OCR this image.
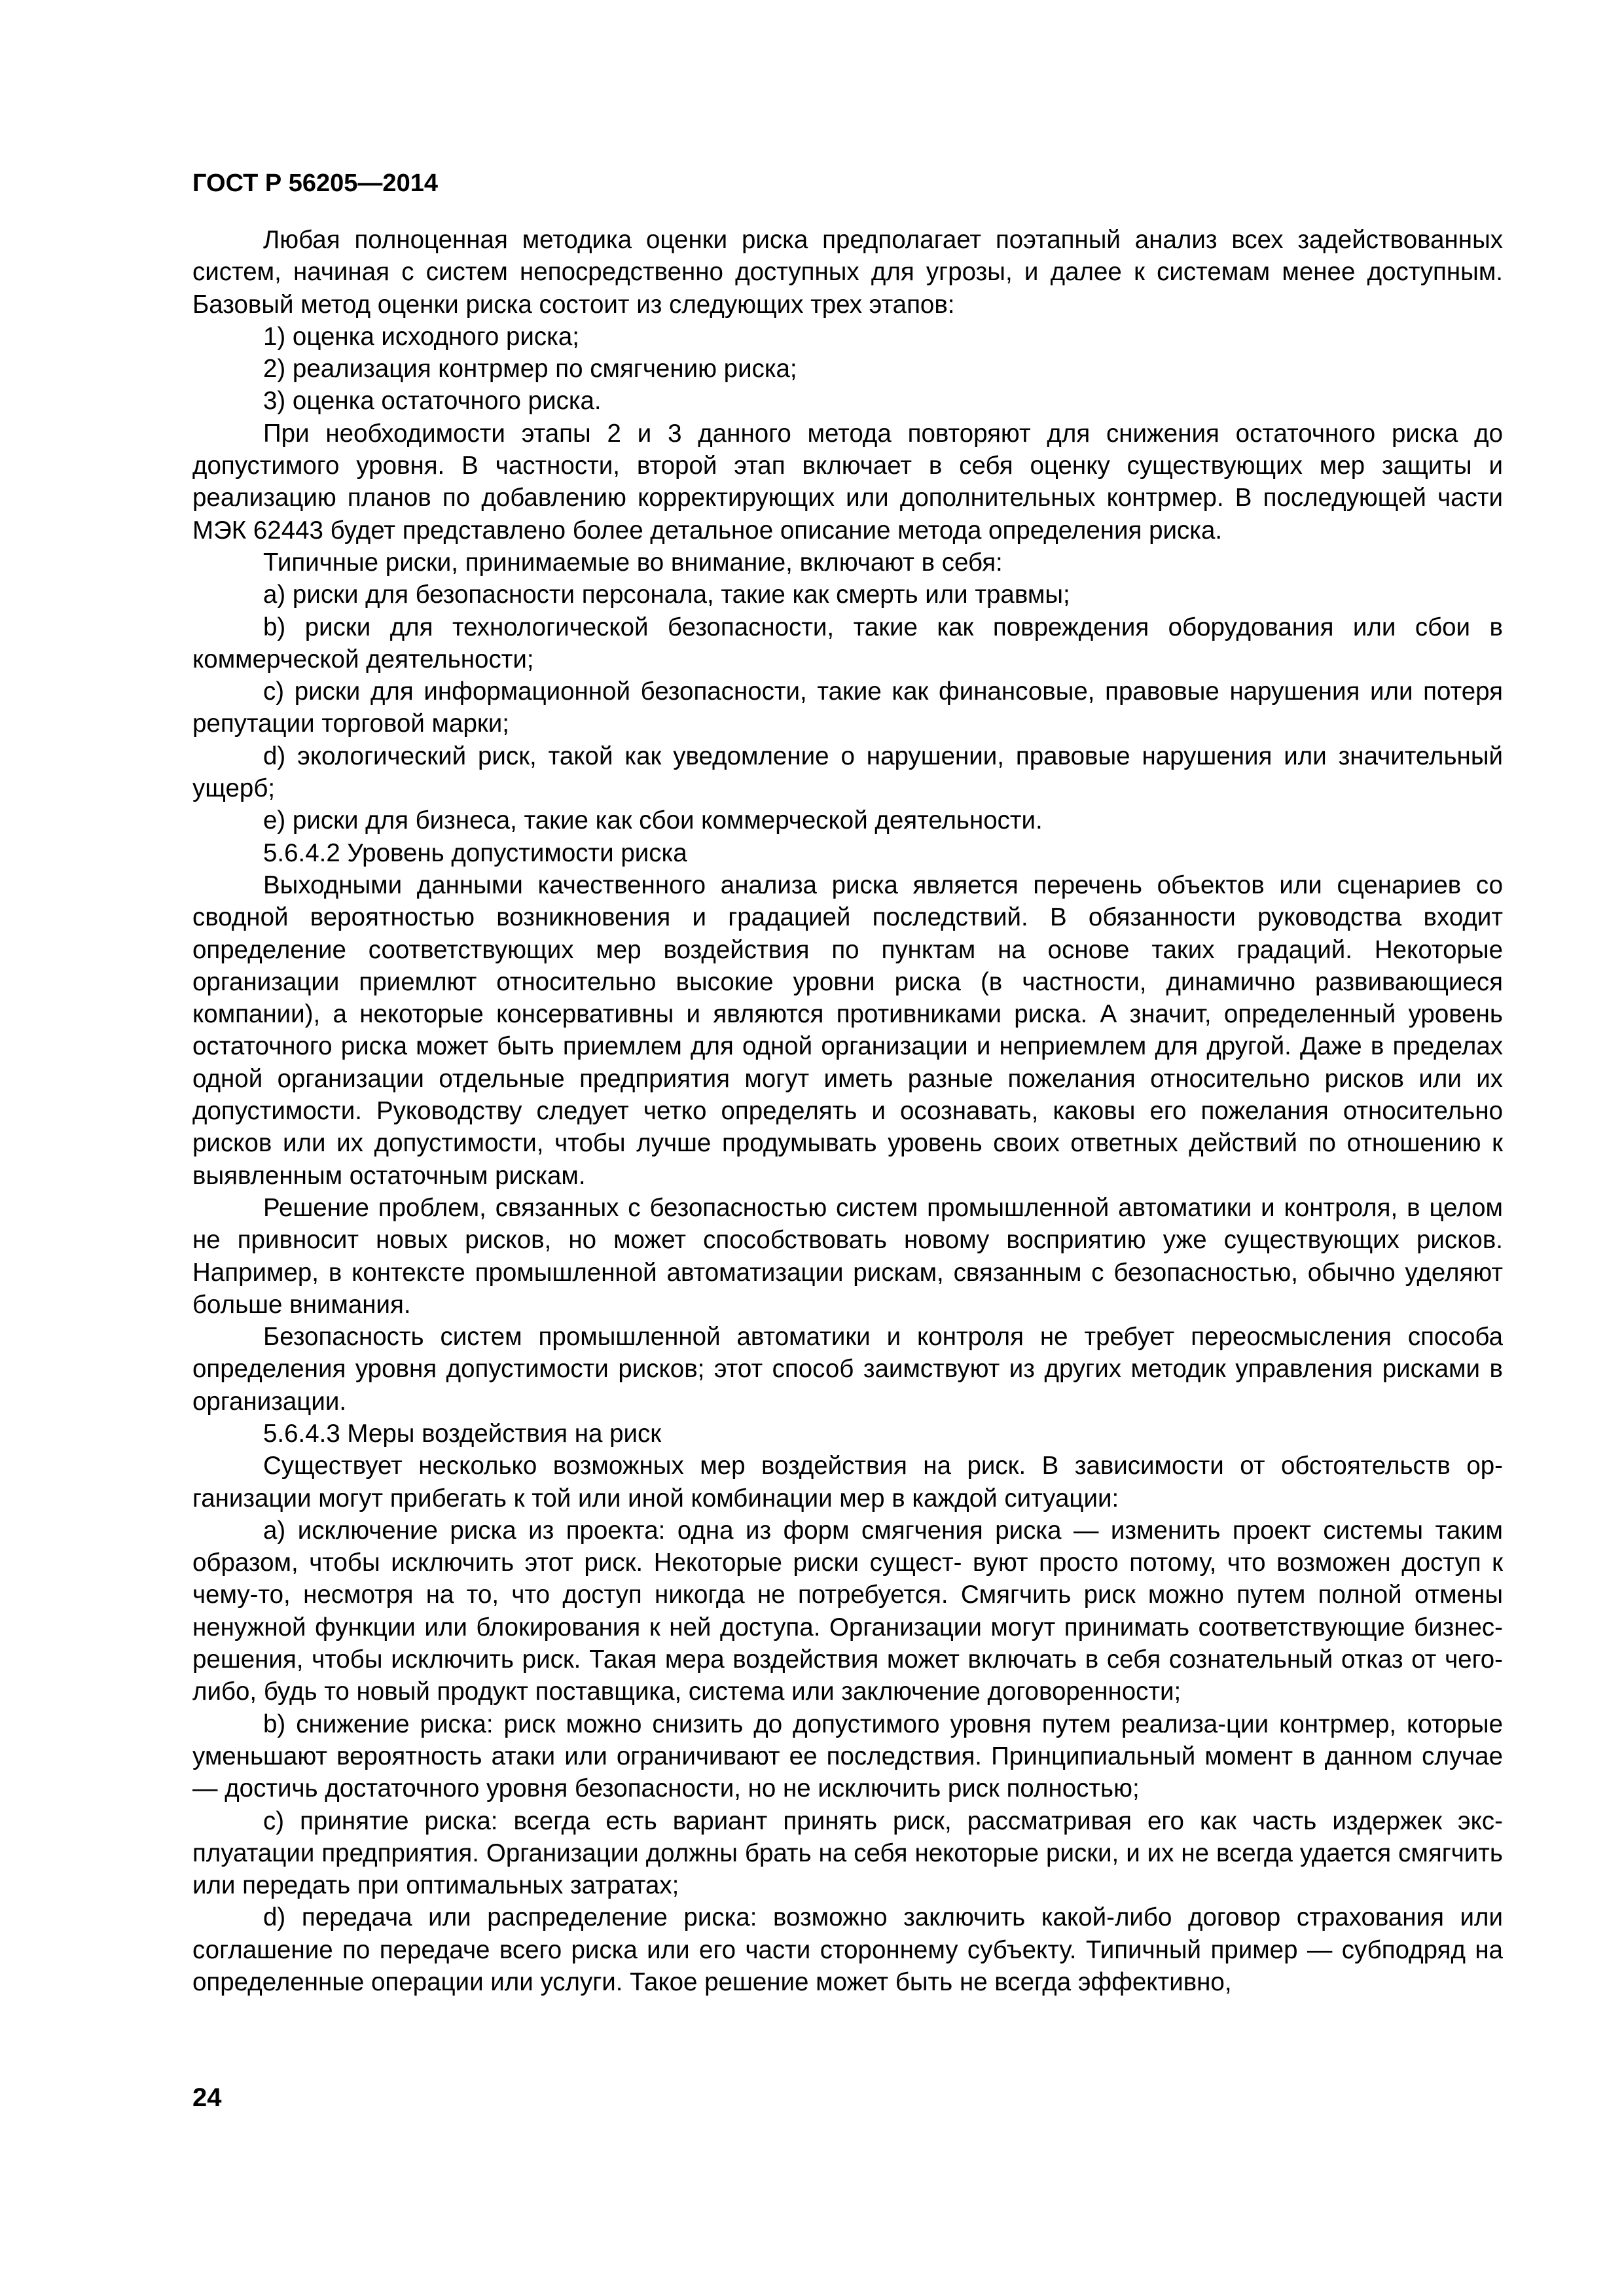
ГОСТ Р 56205—2014

Любая полноценная методика оценки риска предполагает поэтапный анализ всех задействованных систем, начиная с систем непосредственно доступных для угрозы, и далее к системам менее доступным. Базовый метод оценки риска состоит из следующих трех этапов:

1) оценка исходного риска;

2) реализация контрмер по смягчению риска;

3) оценка остаточного риска.

При необходимости этапы 2 и 3 данного метода повторяют для снижения остаточного риска до допустимого уровня. В частности, второй этап включает в себя оценку существующих мер защиты и реализацию планов по добавлению корректирующих или дополнительных контрмер. В последующей части МЭК 62443 будет представлено более детальное описание метода определения риска.

Типичные риски, принимаемые во внимание, включают в себя:

a) риски для безопасности персонала, такие как смерть или травмы;

b) риски для технологической безопасности, такие как повреждения оборудования или сбои в коммерческой деятельности;

c) риски для информационной безопасности, такие как финансовые, правовые нарушения или потеря репутации торговой марки;

d) экологический риск, такой как уведомление о нарушении, правовые нарушения или значительный ущерб;

e) риски для бизнеса, такие как сбои коммерческой деятельности.

5.6.4.2 Уровень допустимости риска

Выходными данными качественного анализа риска является перечень объектов или сценариев со сводной вероятностью возникновения и градацией последствий. В обязанности руководства входит определение соответствующих мер воздействия по пунктам на основе таких градаций. Некоторые организации приемлют относительно высокие уровни риска (в частности, динамично развивающиеся компании), а некоторые консервативны и являются противниками риска. А значит, определенный уровень остаточного риска может быть приемлем для одной организации и неприемлем для другой. Даже в пределах одной организации отдельные предприятия могут иметь разные пожелания относительно рисков или их допустимости. Руководству следует четко определять и осознавать, каковы его пожелания относительно рисков или их допустимости, чтобы лучше продумывать уровень своих ответных действий по отношению к выявленным остаточным рискам.

Решение проблем, связанных с безопасностью систем промышленной автоматики и контроля, в целом не привносит новых рисков, но может способствовать новому восприятию уже существующих рисков. Например, в контексте промышленной автоматизации рискам, связанным с безопасностью, обычно уделяют больше внимания.

Безопасность систем промышленной автоматики и контроля не требует переосмысления способа определения уровня допустимости рисков; этот способ заимствуют из других методик управления рисками в организации.

5.6.4.3 Меры воздействия на риск

Существует несколько возможных мер воздействия на риск. В зависимости от обстоятельств организации могут прибегать к той или иной комбинации мер в каждой ситуации:

a) исключение риска из проекта: одна из форм смягчения риска — изменить проект системы таким образом, чтобы исключить этот риск. Некоторые риски сущест- вуют просто потому, что возможен доступ к чему-то, несмотря на то, что доступ никогда не потребуется. Смягчить риск можно путем полной отмены ненужной функции или блокирования к ней доступа. Организации могут принимать соответствующие бизнес-решения, чтобы исключить риск. Такая мера воздействия может включать в себя сознательный отказ от чего-либо, будь то новый продукт поставщика, система или заключение договоренности;

b) снижение риска: риск можно снизить до допустимого уровня путем реализа-ции контрмер, которые уменьшают вероятность атаки или ограничивают ее последствия. Принципиальный момент в данном случае — достичь достаточного уровня безопасности, но не исключить риск полностью;

c) принятие риска: всегда есть вариант принять риск, рассматривая его как часть издержек эксплуатации предприятия. Организации должны брать на себя некоторые риски, и их не всегда удается смягчить или передать при оптимальных затратах;

d) передача или распределение риска: возможно заключить какой-либо договор страхования или соглашение по передаче всего риска или его части стороннему субъекту. Типичный пример — субподряд на определенные операции или услуги. Такое решение может быть не всегда эффективно,

24
